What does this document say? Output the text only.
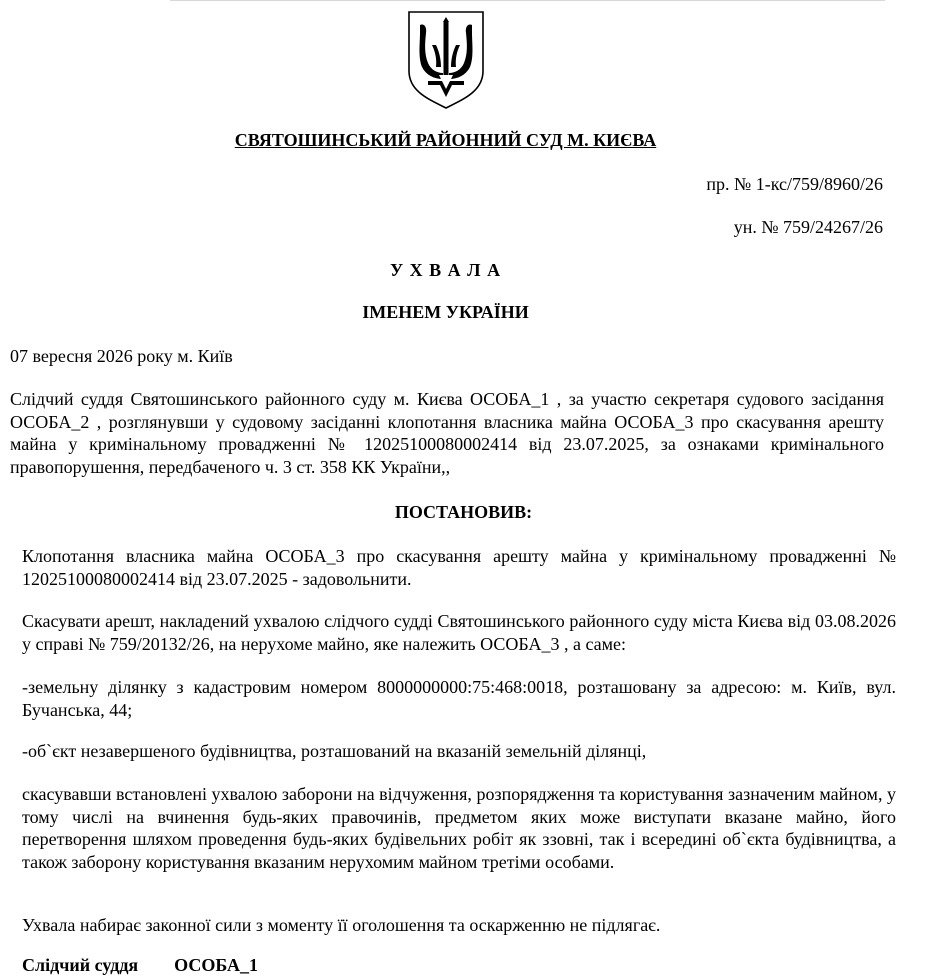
СВЯТОШИНСЬКИЙ РАЙОННИЙ СУД М. КИЄВА
пр. № 1-кс/759/8960/26
ун. № 759/24267/26
У Х В А Л А
ІМЕНЕМ УКРАЇНИ
07 вересня 2026 року м. Київ
Слідчий суддя Святошинського районного суду м. Києва ОСОБА_1 , за участю секретаря судового засідання ОСОБА_2 , розглянувши у судовому засіданні клопотання власника майна ОСОБА_3 про скасування арешту майна у кримінальному провадженні № 12025100080002414 від 23.07.2025, за ознаками кримінального правопорушення, передбаченого ч. 3 ст. 358 КК України,,
ПОСТАНОВИВ:
Клопотання власника майна ОСОБА_3 про скасування арешту майна у кримінальному провадженні № 12025100080002414 від 23.07.2025 - задовольнити.
Скасувати арешт, накладений ухвалою слідчого судді Святошинського районного суду міста Києва від 03.08.2026 у справі № 759/20132/26, на нерухоме майно, яке належить ОСОБА_3 , а саме:
-земельну ділянку з кадастровим номером 8000000000:75:468:0018, розташовану за адресою: м. Київ, вул. Бучанська, 44;
-об`єкт незавершеного будівництва, розташований на вказаній земельній ділянці,
скасувавши встановлені ухвалою заборони на відчуження, розпорядження та користування зазначеним майном, у тому числі на вчинення будь-яких правочинів, предметом яких може виступати вказане майно, його перетворення шляхом проведення будь-яких будівельних робіт як ззовні, так і всередині об`єкта будівництва, а також заборону користування вказаним нерухомим майном третіми особами.
Ухвала набирає законної сили з моменту її оголошення та оскарженню не підлягає.
Слідчий суддя ОСОБА_1
